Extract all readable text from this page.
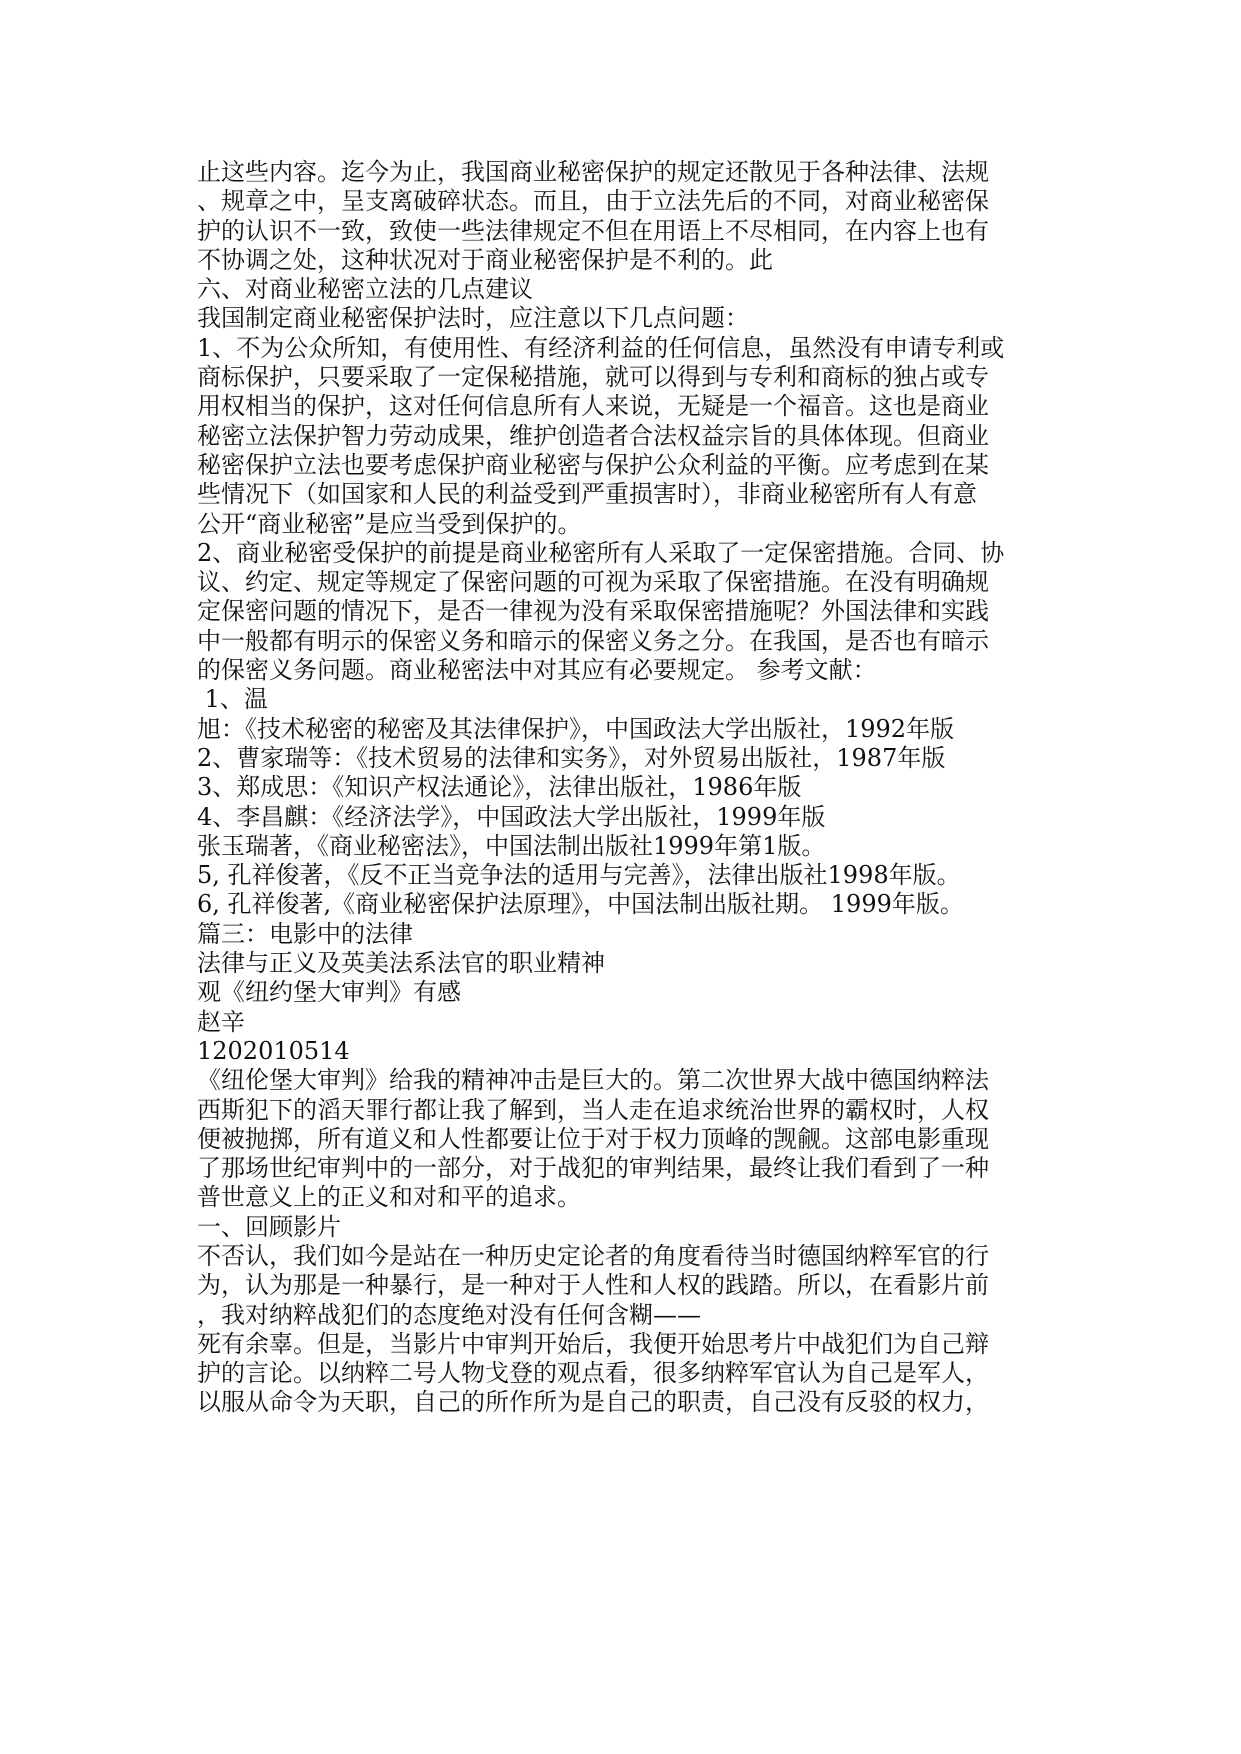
止这些内容。迄今为止，我国商业秘密保护的规定还散见于各种法律、法规
、规章之中，呈支离破碎状态。而且，由于立法先后的不同，对商业秘密保
护的认识不一致，致使一些法律规定不但在用语上不尽相同，在内容上也有
不协调之处，这种状况对于商业秘密保护是不利的。此
六、对商业秘密立法的几点建议
我国制定商业秘密保护法时，应注意以下几点问题：
1、不为公众所知，有使用性、有经济利益的任何信息，虽然没有申请专利或
商标保护，只要采取了一定保秘措施，就可以得到与专利和商标的独占或专
用权相当的保护，这对任何信息所有人来说，无疑是一个福音。这也是商业
秘密立法保护智力劳动成果，维护创造者合法权益宗旨的具体体现。但商业
秘密保护立法也要考虑保护商业秘密与保护公众利益的平衡。应考虑到在某
些情况下（如国家和人民的利益受到严重损害时），非商业秘密所有人有意
公开“商业秘密”是应当受到保护的。
2、商业秘密受保护的前提是商业秘密所有人采取了一定保密措施。合同、协
议、约定、规定等规定了保密问题的可视为采取了保密措施。在没有明确规
定保密问题的情况下，是否一律视为没有采取保密措施呢？外国法律和实践
中一般都有明示的保密义务和暗示的保密义务之分。在我国，是否也有暗示
的保密义务问题。商业秘密法中对其应有必要规定。 参考文献：
1、温
旭：《技术秘密的秘密及其法律保护》，中国政法大学出版社，1992年版
2、曹家瑞等：《技术贸易的法律和实务》，对外贸易出版社，1987年版
3、郑成思：《知识产权法通论》，法律出版社，1986年版
4、李昌麒：《经济法学》，中国政法大学出版社，1999年版
张玉瑞著，《商业秘密法》，中国法制出版社1999年第1版。
5, 孔祥俊著，《反不正当竞争法的适用与完善》，法律出版社1998年版。
6, 孔祥俊著,《商业秘密保护法原理》，中国法制出版社期。 1999年版。
篇三：电影中的法律
法律与正义及英美法系法官的职业精神
观《纽约堡大审判》有感
赵辛
1202010514
《纽伦堡大审判》给我的精神冲击是巨大的。第二次世界大战中德国纳粹法
西斯犯下的滔天罪行都让我了解到，当人走在追求统治世界的霸权时，人权
便被抛掷，所有道义和人性都要让位于对于权力顶峰的觊觎。这部电影重现
了那场世纪审判中的一部分，对于战犯的审判结果，最终让我们看到了一种
普世意义上的正义和对和平的追求。
一、回顾影片
不否认，我们如今是站在一种历史定论者的角度看待当时德国纳粹军官的行
为，认为那是一种暴行，是一种对于人性和人权的践踏。所以，在看影片前
，我对纳粹战犯们的态度绝对没有任何含糊——
死有余辜。但是，当影片中审判开始后，我便开始思考片中战犯们为自己辩
护的言论。以纳粹二号人物戈登的观点看，很多纳粹军官认为自己是军人，
以服从命令为天职，自己的所作所为是自己的职责，自己没有反驳的权力，
